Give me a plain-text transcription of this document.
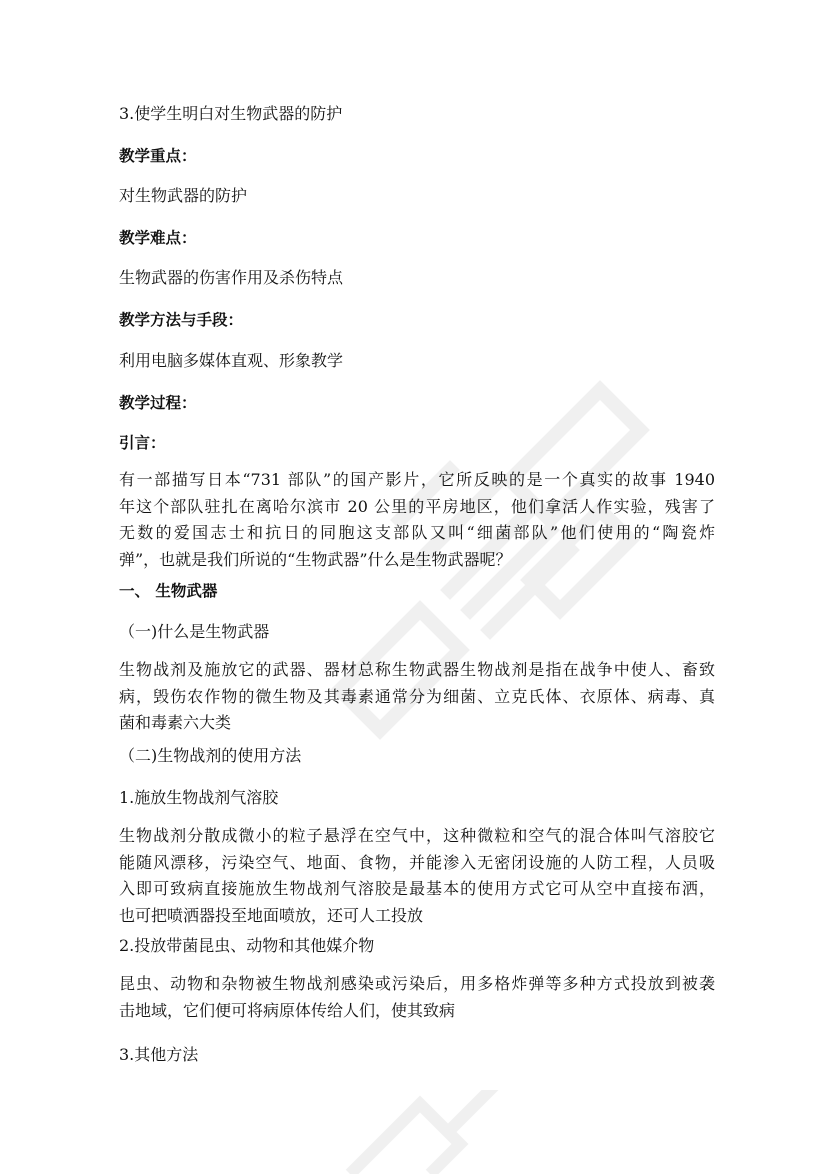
3.使学生明白对生物武器的防护
教学重点：
对生物武器的防护
教学难点：
生物武器的伤害作用及杀伤特点
教学方法与手段：
利用电脑多媒体直观、形象教学
教学过程：
引言：
有一部描写日本“731 部队”的国产影片，它所反映的是一个真实的故事 1940
年这个部队驻扎在离哈尔滨市 20 公里的平房地区，他们拿活人作实验，残害了
无数的爱国志士和抗日的同胞这支部队又叫“细菌部队”他们使用的“陶瓷炸
弹”，也就是我们所说的“生物武器”什么是生物武器呢？
一、 生物武器
（一)什么是生物武器
生物战剂及施放它的武器、器材总称生物武器生物战剂是指在战争中使人、畜致
病，毁伤农作物的微生物及其毒素通常分为细菌、立克氏体、衣原体、病毒、真
菌和毒素六大类
（二)生物战剂的使用方法
1.施放生物战剂气溶胶
生物战剂分散成微小的粒子悬浮在空气中，这种微粒和空气的混合体叫气溶胶它
能随风漂移，污染空气、地面、食物，并能渗入无密闭设施的人防工程，人员吸
入即可致病直接施放生物战剂气溶胶是最基本的使用方式它可从空中直接布洒，
也可把喷洒器投至地面喷放，还可人工投放
2.投放带菌昆虫、动物和其他媒介物
昆虫、动物和杂物被生物战剂感染或污染后，用多格炸弹等多种方式投放到被袭
击地域，它们便可将病原体传给人们，使其致病
3.其他方法
